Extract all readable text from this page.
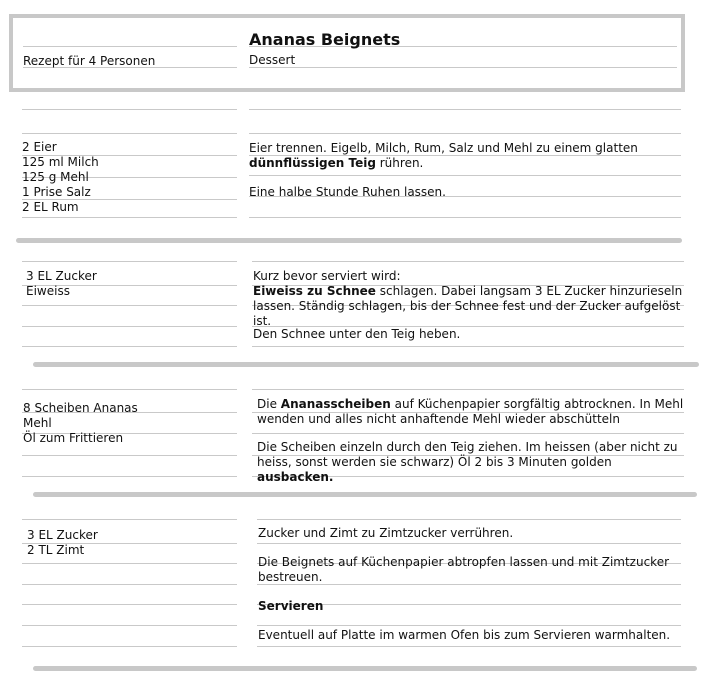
Ananas Beignets
Rezept für 4 Personen	Dessert
2 Eier
125 ml Milch
125 g Mehl
1 Prise Salz
2 EL Rum
Eier trennen. Eigelb, Milch, Rum, Salz und Mehl zu einem glatten dünnflüssigen Teig rühren.
Eine halbe Stunde Ruhen lassen.
3 EL Zucker
Eiweiss
Kurz bevor serviert wird:
Eiweiss zu Schnee schlagen. Dabei langsam 3 EL Zucker hinzurieseln lassen. Ständig schlagen, bis der Schnee fest und der Zucker aufgelöst ist.
Den Schnee unter den Teig heben.
8 Scheiben Ananas
Mehl
Öl zum Frittieren
Die Ananasscheiben auf Küchenpapier sorgfältig abtrocknen. In Mehl wenden und alles nicht anhaftende Mehl wieder abschütteln
Die Scheiben einzeln durch den Teig ziehen. Im heissen (aber nicht zu heiss, sonst werden sie schwarz) Öl 2 bis 3 Minuten golden ausbacken.
3 EL Zucker
2 TL Zimt
Zucker und Zimt zu Zimtzucker verrühren.
Die Beignets auf Küchenpapier abtropfen lassen und mit Zimtzucker bestreuen.
Servieren
Eventuell auf Platte im warmen Ofen bis zum Servieren warmhalten.
